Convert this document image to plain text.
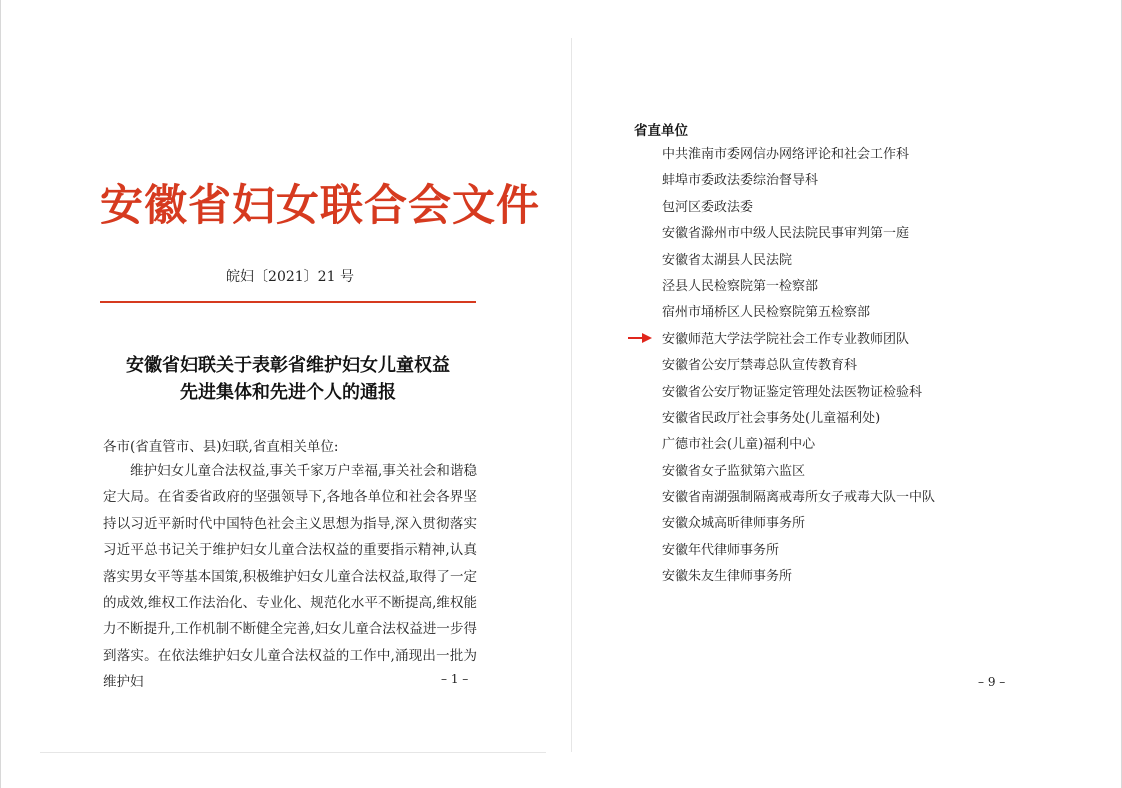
安徽省妇女联合会文件
皖妇〔2021〕21 号
安徽省妇联关于表彰省维护妇女儿童权益
先进集体和先进个人的通报
各市(省直管市、县)妇联,省直相关单位:

维护妇女儿童合法权益,事关千家万户幸福,事关社会和谐稳定大局。在省委省政府的坚强领导下,各地各单位和社会各界坚持以习近平新时代中国特色社会主义思想为指导,深入贯彻落实习近平总书记关于维护妇女儿童合法权益的重要指示精神,认真落实男女平等基本国策,积极维护妇女儿童合法权益,取得了一定的成效,维权工作法治化、专业化、规范化水平不断提高,维权能力不断提升,工作机制不断健全完善,妇女儿童合法权益进一步得到落实。在依法维护妇女儿童合法权益的工作中,涌现出一批为维护妇	– 1 –
省直单位
中共淮南市委网信办网络评论和社会工作科
蚌埠市委政法委综治督导科
包河区委政法委
安徽省滁州市中级人民法院民事审判第一庭
安徽省太湖县人民法院
泾县人民检察院第一检察部
宿州市埇桥区人民检察院第五检察部
安徽师范大学法学院社会工作专业教师团队
安徽省公安厅禁毒总队宣传教育科
安徽省公安厅物证鉴定管理处法医物证检验科
安徽省民政厅社会事务处(儿童福利处)
广德市社会(儿童)福利中心
安徽省女子监狱第六监区
安徽省南湖强制隔离戒毒所女子戒毒大队一中队
安徽众城高昕律师事务所
安徽年代律师事务所
安徽朱友生律师事务所
– 9 –
